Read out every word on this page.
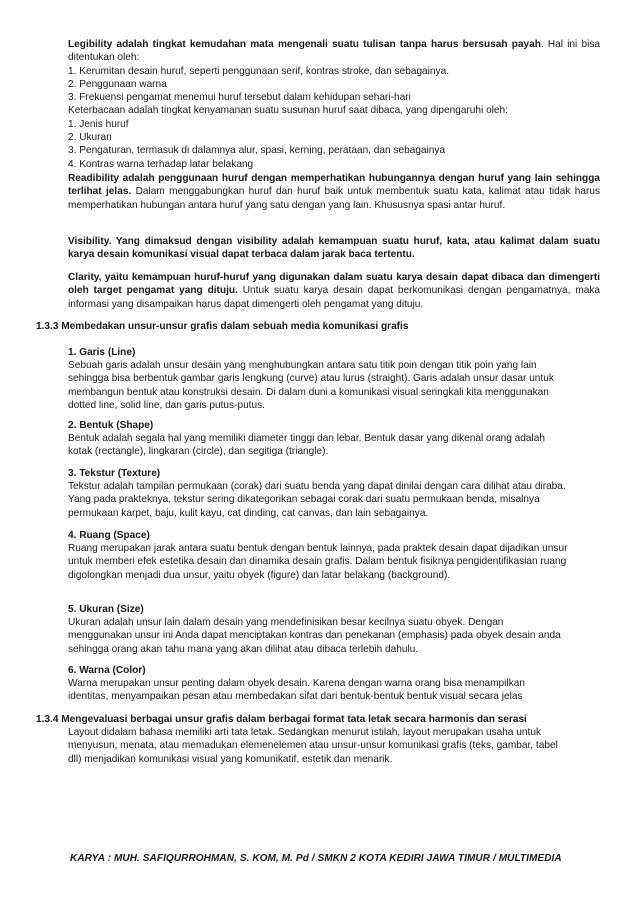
Legibility adalah tingkat kemudahan mata mengenali suatu tulisan tanpa harus bersusah payah. Hal ini bisa ditentukan oleh:

1. Kerumitan desain huruf, seperti penggunaan serif, kontras stroke, dan sebagainya.
2. Penggunaan warna
3. Frekuensi pengamat menemui huruf tersebut dalam kehidupan sehari-hari
Keterbacaan adalah tingkat kenyamanan suatu susunan huruf saat dibaca, yang dipengaruhi oleh:
1. Jenis huruf
2. Ukuran
3. Pengaturan, termasuk di dalamnya alur, spasi, kerning, perataan, dan sebagainya
4. Kontras warna terhadap latar belakang

Readibility adalah penggunaan huruf dengan memperhatikan hubungannya dengan huruf yang lain sehingga terlihat jelas. Dalam menggabungkan huruf dan huruf baik untuk membentuk suatu kata, kalimat atau tidak harus memperhatikan hubungan antara huruf yang satu dengan yang lain. Khususnya spasi antar huruf.

Visibility. Yang dimaksud dengan visibility adalah kemampuan suatu huruf, kata, atau kalimat dalam suatu karya desain komunikasi visual dapat terbaca dalam jarak baca tertentu.

Clarity, yaitu kemampuan huruf-huruf yang digunakan dalam suatu karya desain dapat dibaca dan dimengerti oleh target pengamat yang dituju. Untuk suatu karya desain dapat berkomunikasi dengan pengamatnya, maka informasi yang disampaikan harus dapat dimengerti oleh pengamat yang dituju.

1.3.3 Membedakan unsur-unsur grafis dalam sebuah media komunikasi grafis

1. Garis (Line)

Sebuah garis adalah unsur desain yang menghubungkan antara satu titik poin dengan titik poin yang lain
sehingga bisa berbentuk gambar garis lengkung (curve) atau lurus (straight). Garis adalah unsur dasar untuk
membangun bentuk atau konstruksi desain. Di dalam duni a komunikasi visual seringkali kita menggunakan
dotted line, solid line, dan garis putus-putus.

2. Bentuk (Shape)

Bentuk adalah segala hal yang memiliki diameter tinggi dan lebar. Bentuk dasar yang dikenal orang adalah
kotak (rectangle), lingkaran (circle), dan segitiga (triangle).

3. Tekstur (Texture)

Tekstur adalah tampilan permukaan (corak) dari suatu benda yang dapat dinilai dengan cara dilihat atau diraba.
Yang pada prakteknya, tekstur sering dikategorikan sebagai corak dari suatu permukaan benda, misalnya
permukaan karpet, baju, kulit kayu, cat dinding, cat canvas, dan lain sebagainya.

4. Ruang (Space)

Ruang merupakan jarak antara suatu bentuk dengan bentuk lainnya, pada praktek desain dapat dijadikan unsur
untuk memberi efek estetika desain dan dinamika desain grafis. Dalam bentuk fisiknya pengidentifikasian ruang
digolongkan menjadi dua unsur, yaitu obyek (figure) dan latar belakang (background).

5. Ukuran (Size)

Ukuran adalah unsur lain dalam desain yang mendefinisikan besar kecilnya suatu obyek. Dengan
menggunakan unsur ini Anda dapat menciptakan kontras dan penekanan (emphasis) pada obyek desain anda
sehingga orang akan tahu mana yang akan dilihat atau dibaca terlebih dahulu.

6. Warna (Color)

Warna merupakan unsur penting dalam obyek desain. Karena dengan warna orang bisa menampilkan
identitas, menyampaikan pesan atau membedakan sifat dari bentuk-bentuk bentuk visual secara jelas

1.3.4 Mengevaluasi berbagai unsur grafis dalam berbagai format tata letak secara harmonis dan serasi

Layout didalam bahasa memiliki arti tata letak. Sedangkan menurut istilah, layout merupakan usaha untuk
menyusun, menata, atau memadukan elemenelemen atau unsur-unsur komunikasi grafis (teks, gambar, tabel
dll) menjadikan komunikasi visual yang komunikatif, estetik dan menarik.
KARYA : MUH. SAFIQURROHMAN, S. KOM, M. Pd / SMKN 2 KOTA KEDIRI JAWA TIMUR / MULTIMEDIA
